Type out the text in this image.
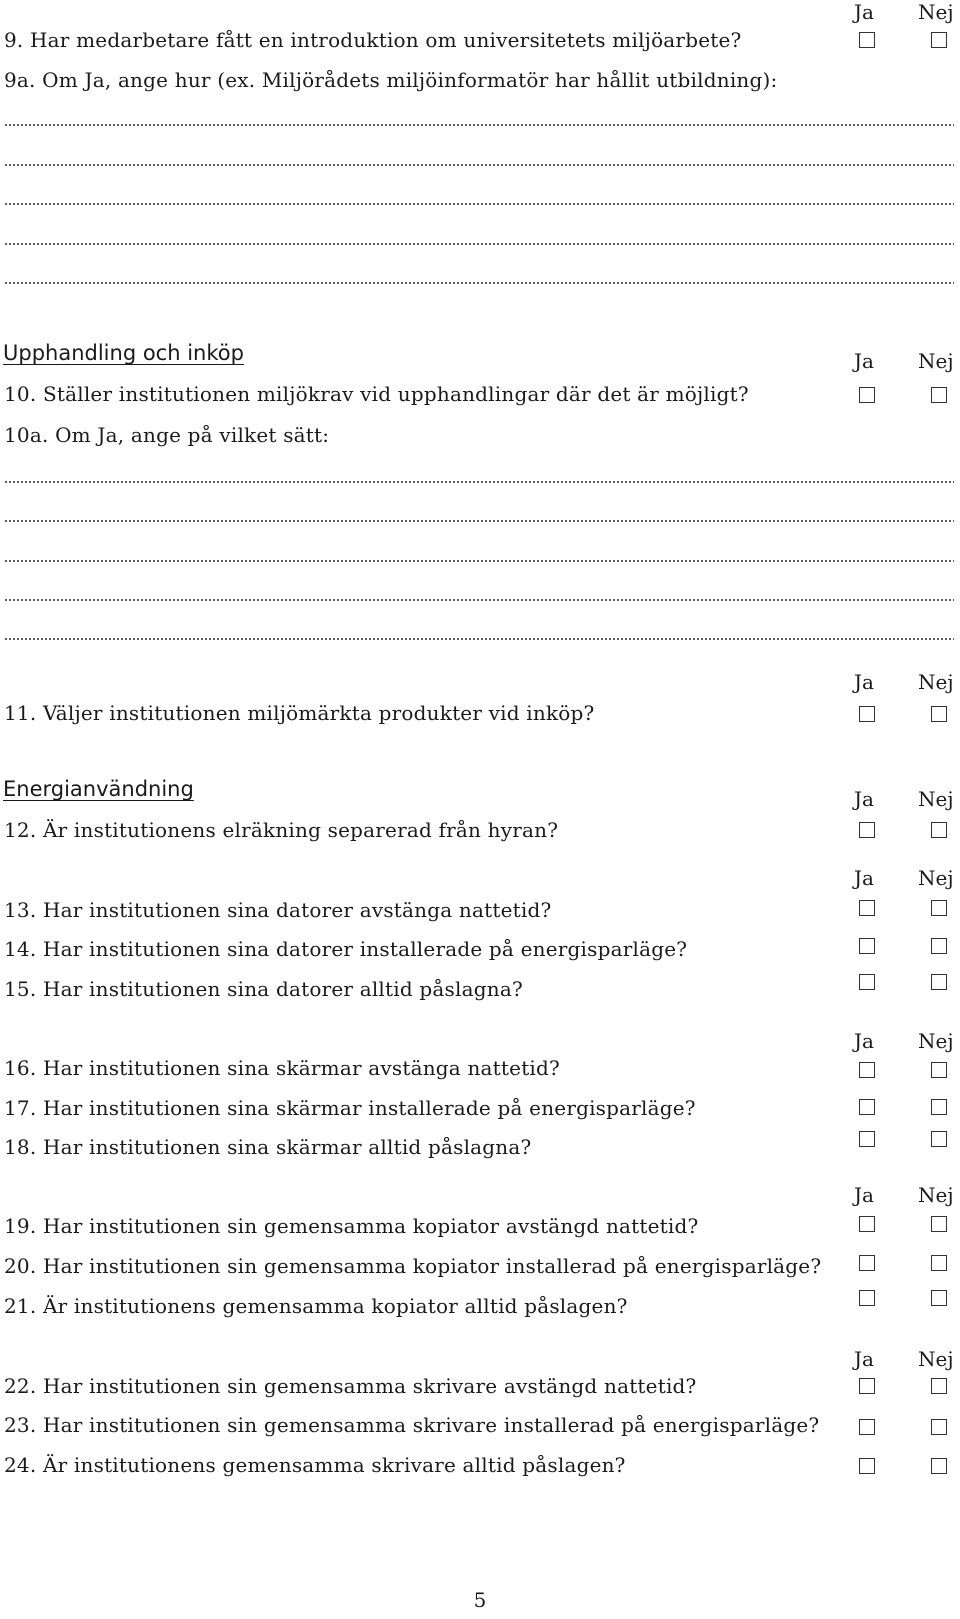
Ja Nej
9. Har medarbetare fått en introduktion om universitetets miljöarbete?
9a. Om Ja, ange hur (ex. Miljörådets miljöinformatör har hållit utbildning):
Upphandling och inköp	Ja Nej
10. Ställer institutionen miljökrav vid upphandlingar där det är möjligt?
10a. Om Ja, ange på vilket sätt:
Ja Nej
11. Väljer institutionen miljömärkta produkter vid inköp?
Energianvändning	Ja Nej
12. Är institutionens elräkning separerad från hyran?
Ja Nej
13. Har institutionen sina datorer avstänga nattetid?
14. Har institutionen sina datorer installerade på energisparläge?
15. Har institutionen sina datorer alltid påslagna?
Ja Nej
16. Har institutionen sina skärmar avstänga nattetid?
17. Har institutionen sina skärmar installerade på energisparläge?
18. Har institutionen sina skärmar alltid påslagna?
Ja Nej
19. Har institutionen sin gemensamma kopiator avstängd nattetid?
20. Har institutionen sin gemensamma kopiator installerad på energisparläge?
21. Är institutionens gemensamma kopiator alltid påslagen?
Ja Nej
22. Har institutionen sin gemensamma skrivare avstängd nattetid?
23. Har institutionen sin gemensamma skrivare installerad på energisparläge?
24. Är institutionens gemensamma skrivare alltid påslagen?
5
